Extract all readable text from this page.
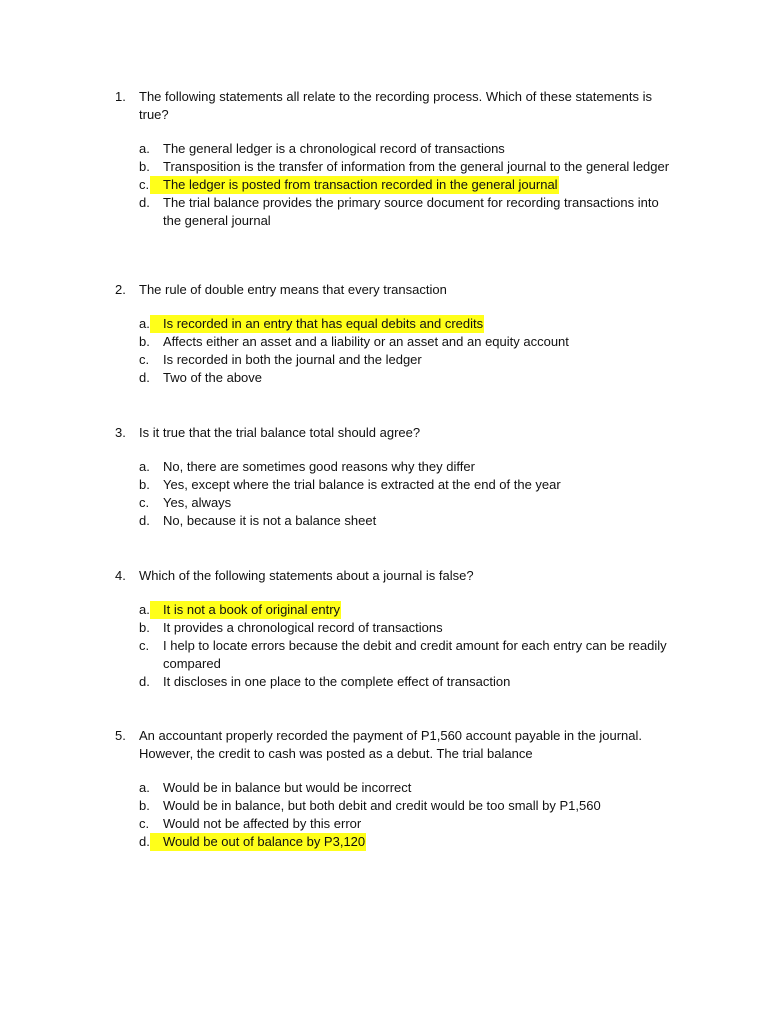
1.	The following statements all relate to the recording process. Which of these statements is true?
a.	The general ledger is a chronological record of transactions
b.	Transposition is the transfer of information from the general journal to the general ledger
c.	The ledger is posted from transaction recorded in the general journal
d.	The trial balance provides the primary source document for recording transactions into the general journal
2.	The rule of double entry means that every transaction
a.	Is recorded in an entry that has equal debits and credits
b.	Affects either an asset and a liability or an asset and an equity account
c.	Is recorded in both the journal and the ledger
d.	Two of the above
3.	Is it true that the trial balance total should agree?
a.	No, there are sometimes good reasons why they differ
b.	Yes, except where the trial balance is extracted at the end of the year
c.	Yes, always
d.	No, because it is not a balance sheet
4.	Which of the following statements about a journal is false?
a.	It is not a book of original entry
b.	It provides a chronological record of transactions
c.	I help to locate errors because the debit and credit amount for each entry can be readily compared
d.	It discloses in one place to the complete effect of transaction
5.	An accountant properly recorded the payment of P1,560 account payable in the journal. However, the credit to cash was posted as a debut. The trial balance
a.	Would be in balance but would be incorrect
b.	Would be in balance, but both debit and credit would be too small by P1,560
c.	Would not be affected by this error
d.	Would be out of balance by P3,120
